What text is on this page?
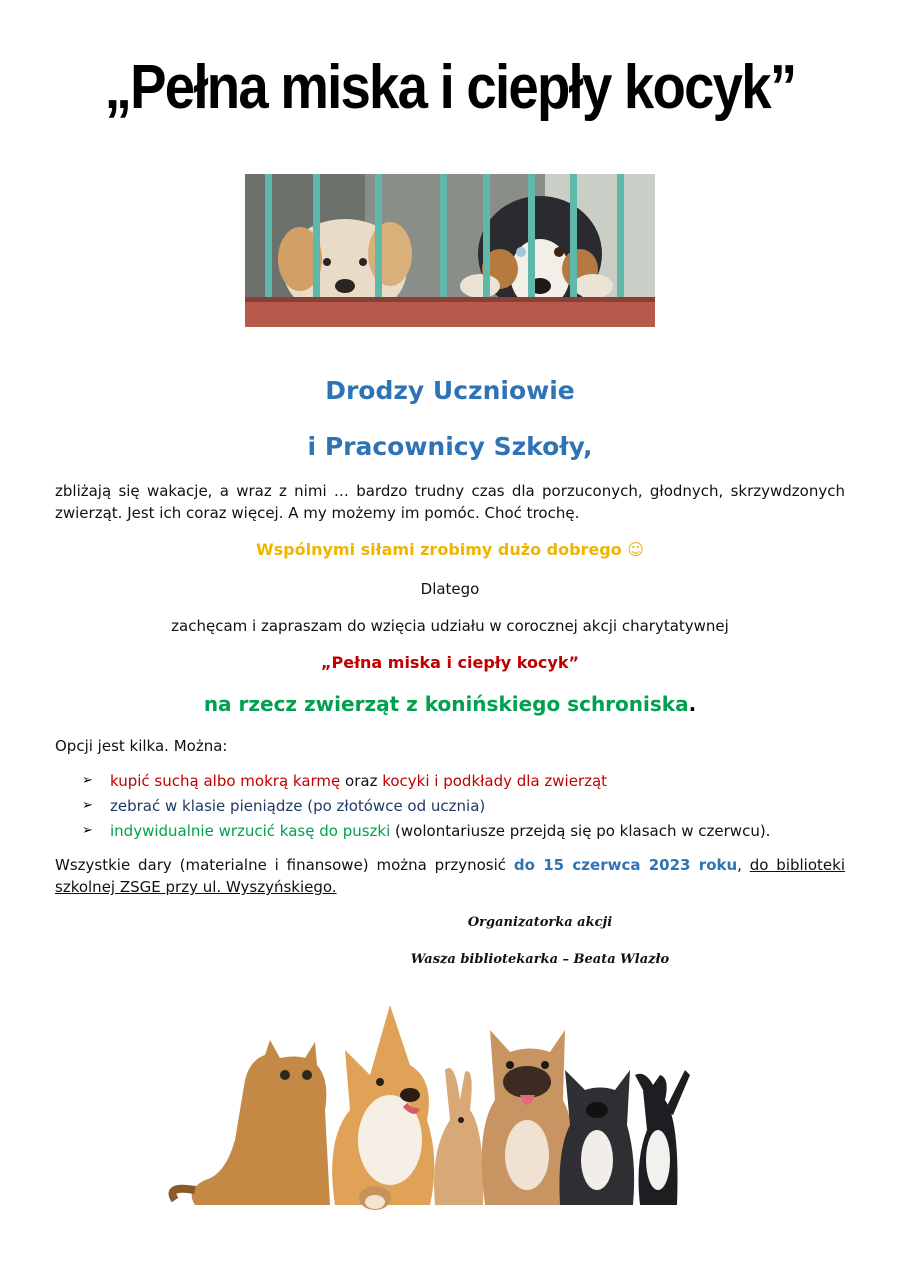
„Pełna miska i ciepły kocyk”
Drodzy Uczniowie
i Pracownicy Szkoły,
zbliżają się wakacje, a wraz z nimi … bardzo trudny czas dla porzuconych, głodnych, skrzywdzonych zwierząt. Jest ich coraz więcej. A my możemy im pomóc. Choć trochę.
Wspólnymi siłami zrobimy dużo dobrego ☺
Dlatego
zachęcam i zapraszam do wzięcia udziału w corocznej akcji charytatywnej
„Pełna miska i ciepły kocyk”
na rzecz zwierząt z konińskiego schroniska.
Opcji jest kilka. Można:
➢	kupić suchą albo mokrą karmę oraz kocyki i podkłady dla zwierząt
➢	zebrać w klasie pieniądze (po złotówce od ucznia)
➢	indywidualnie wrzucić kasę do puszki (wolontariusze przejdą się po klasach w czerwcu).
Wszystkie dary (materialne i finansowe) można przynosić do 15 czerwca 2023 roku, do biblioteki szkolnej ZSGE przy ul. Wyszyńskiego.
Organizatorka akcji
Wasza bibliotekarka – Beata Wlazło
